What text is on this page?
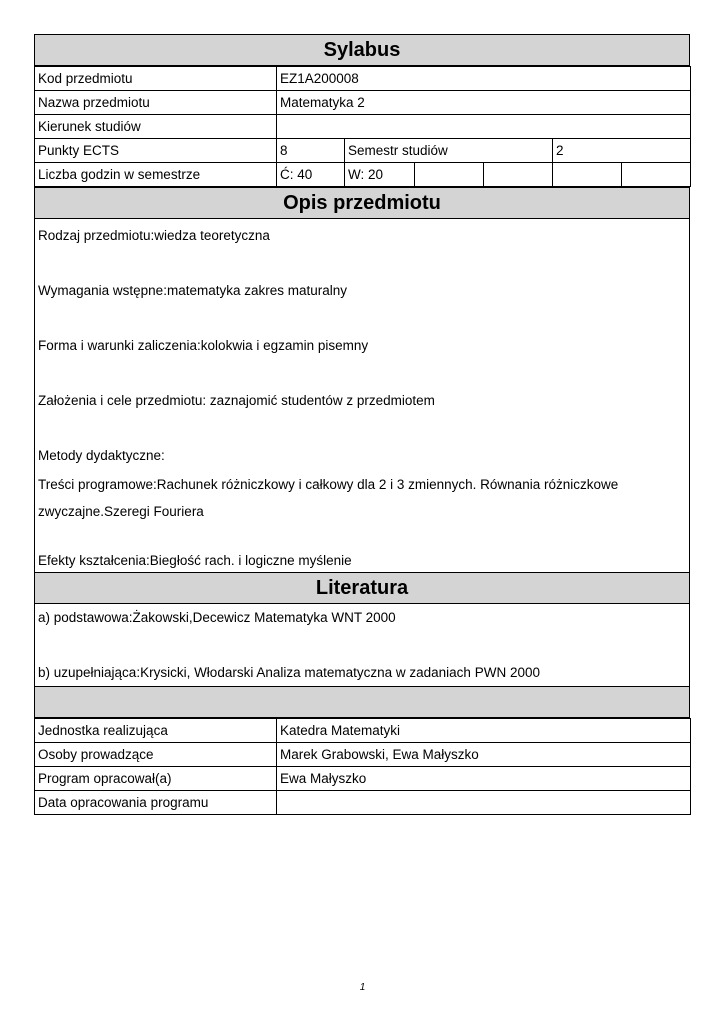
Sylabus
Kod przedmiotu	EZ1A200008					
Nazwa przedmiotu	Matematyka 2					
Kierunek studiów						
Punkty ECTS	8	Semestr studiów			2	
Liczba godzin w semestrze	Ć: 40	W: 20				
Opis przedmiotu

Rodzaj przedmiotu:wiedza teoretyczna

Wymagania wstępne:matematyka zakres maturalny

Forma i warunki zaliczenia:kolokwia i egzamin pisemny

Założenia i cele przedmiotu: zaznajomić studentów z przedmiotem

Metody dydaktyczne:

Treści programowe:Rachunek różniczkowy i całkowy dla 2 i 3 zmiennych. Równania różniczkowe

zwyczajne.Szeregi Fouriera

Efekty kształcenia:Biegłość rach. i logiczne myślenie

Literatura

a) podstawowa:Żakowski,Decewicz Matematyka WNT 2000

b) uzupełniająca:Krysicki, Włodarski Analiza matematyczna w zadaniach PWN 2000

Jednostka realizująca	Katedra Matematyki
Osoby prowadzące	Marek Grabowski, Ewa Małyszko
Program opracował(a)	Ewa Małyszko
Data opracowania programu	
1
